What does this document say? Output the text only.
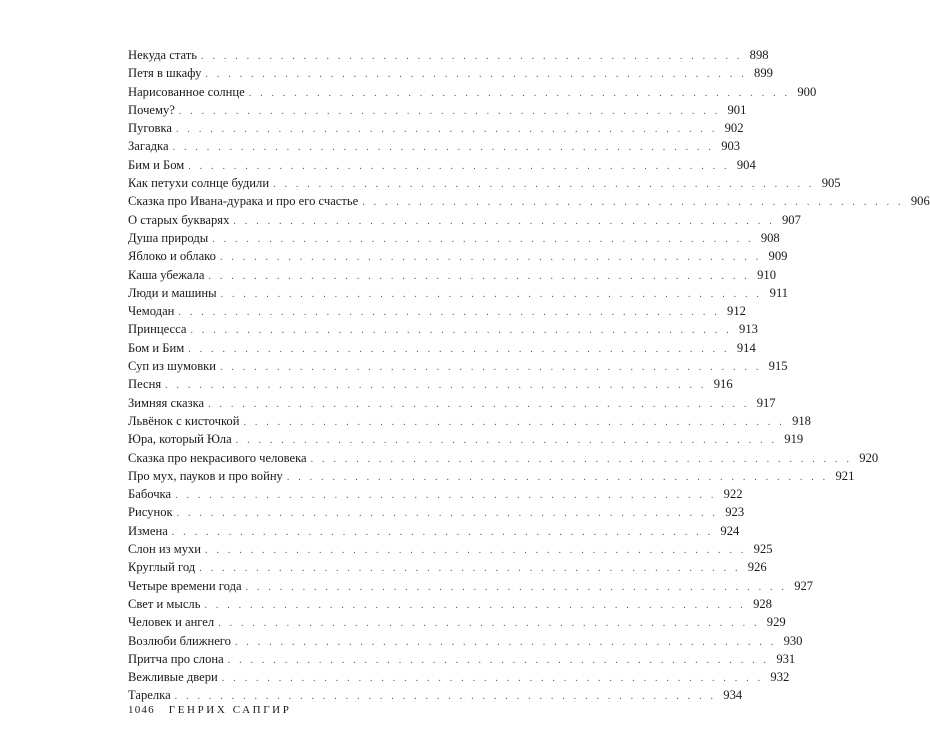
Некуда стать . . . . . . . . . . . . . . . . . . . . . . . . . . . . . . . . . . . . . . . . . . . . . . . . 898
Петя в шкафу . . . . . . . . . . . . . . . . . . . . . . . . . . . . . . . . . . . . . . . . . . . . . . . . 899
Нарисованное солнце . . . . . . . . . . . . . . . . . . . . . . . . . . . . . . . . . . . . . . . . . . . . . . . . 900
Почему? . . . . . . . . . . . . . . . . . . . . . . . . . . . . . . . . . . . . . . . . . . . . . . . . 901
Пуговка . . . . . . . . . . . . . . . . . . . . . . . . . . . . . . . . . . . . . . . . . . . . . . . . 902
Загадка . . . . . . . . . . . . . . . . . . . . . . . . . . . . . . . . . . . . . . . . . . . . . . . . 903
Бим и Бом . . . . . . . . . . . . . . . . . . . . . . . . . . . . . . . . . . . . . . . . . . . . . . . . 904
Как петухи солнце будили . . . . . . . . . . . . . . . . . . . . . . . . . . . . . . . . . . . . . . . . . . . . . . . . 905
Сказка про Ивана-дурака и про его счастье . . . . . . . . . . . . . . . . . . . . . . . . . . . . . . . . . . . . . . . . . . . . . . . . 906
О старых букварях . . . . . . . . . . . . . . . . . . . . . . . . . . . . . . . . . . . . . . . . . . . . . . . . 907
Душа природы . . . . . . . . . . . . . . . . . . . . . . . . . . . . . . . . . . . . . . . . . . . . . . . . 908
Яблоко и облако . . . . . . . . . . . . . . . . . . . . . . . . . . . . . . . . . . . . . . . . . . . . . . . . 909
Каша убежала . . . . . . . . . . . . . . . . . . . . . . . . . . . . . . . . . . . . . . . . . . . . . . . . 910
Люди и машины . . . . . . . . . . . . . . . . . . . . . . . . . . . . . . . . . . . . . . . . . . . . . . . . 911
Чемодан . . . . . . . . . . . . . . . . . . . . . . . . . . . . . . . . . . . . . . . . . . . . . . . . 912
Принцесса . . . . . . . . . . . . . . . . . . . . . . . . . . . . . . . . . . . . . . . . . . . . . . . . 913
Бом и Бим . . . . . . . . . . . . . . . . . . . . . . . . . . . . . . . . . . . . . . . . . . . . . . . . 914
Суп из шумовки . . . . . . . . . . . . . . . . . . . . . . . . . . . . . . . . . . . . . . . . . . . . . . . . 915
Песня . . . . . . . . . . . . . . . . . . . . . . . . . . . . . . . . . . . . . . . . . . . . . . . . 916
Зимняя сказка . . . . . . . . . . . . . . . . . . . . . . . . . . . . . . . . . . . . . . . . . . . . . . . . 917
Львёнок с кисточкой . . . . . . . . . . . . . . . . . . . . . . . . . . . . . . . . . . . . . . . . . . . . . . . . 918
Юра, который Юла . . . . . . . . . . . . . . . . . . . . . . . . . . . . . . . . . . . . . . . . . . . . . . . . 919
Сказка про некрасивого человека . . . . . . . . . . . . . . . . . . . . . . . . . . . . . . . . . . . . . . . . . . . . . . . . 920
Про мух, пауков и про войну . . . . . . . . . . . . . . . . . . . . . . . . . . . . . . . . . . . . . . . . . . . . . . . . 921
Бабочка . . . . . . . . . . . . . . . . . . . . . . . . . . . . . . . . . . . . . . . . . . . . . . . . 922
Рисунок . . . . . . . . . . . . . . . . . . . . . . . . . . . . . . . . . . . . . . . . . . . . . . . . 923
Измена . . . . . . . . . . . . . . . . . . . . . . . . . . . . . . . . . . . . . . . . . . . . . . . . 924
Слон из мухи . . . . . . . . . . . . . . . . . . . . . . . . . . . . . . . . . . . . . . . . . . . . . . . . 925
Круглый год . . . . . . . . . . . . . . . . . . . . . . . . . . . . . . . . . . . . . . . . . . . . . . . . 926
Четыре времени года . . . . . . . . . . . . . . . . . . . . . . . . . . . . . . . . . . . . . . . . . . . . . . . . 927
Свет и мысль . . . . . . . . . . . . . . . . . . . . . . . . . . . . . . . . . . . . . . . . . . . . . . . . 928
Человек и ангел . . . . . . . . . . . . . . . . . . . . . . . . . . . . . . . . . . . . . . . . . . . . . . . . 929
Возлюби ближнего . . . . . . . . . . . . . . . . . . . . . . . . . . . . . . . . . . . . . . . . . . . . . . . . 930
Притча про слона . . . . . . . . . . . . . . . . . . . . . . . . . . . . . . . . . . . . . . . . . . . . . . . . 931
Вежливые двери . . . . . . . . . . . . . . . . . . . . . . . . . . . . . . . . . . . . . . . . . . . . . . . . 932
Тарелка . . . . . . . . . . . . . . . . . . . . . . . . . . . . . . . . . . . . . . . . . . . . . . . . 934
1046 ГЕНРИХ САПГИР
